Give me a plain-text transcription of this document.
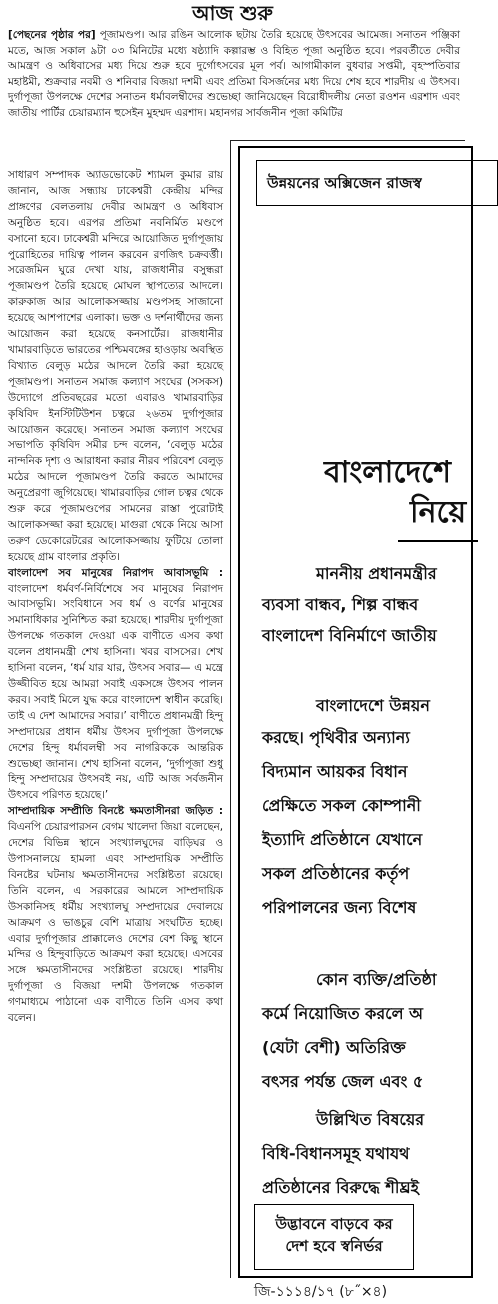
আজ শুরু
[পেছনের পৃষ্ঠার পর] পূজামণ্ডপ। আর রঙিন আলোক ছটায় তৈরি হয়েছে উৎসবের আমেজ। সনাতন পঞ্জিকা মতে, আজ সকাল ৯টা ০৩ মিনিটের মধ্যে ষষ্ঠ্যাদি কল্পারম্ভ ও বিহিত পূজা অনুষ্ঠিত হবে। পরবর্তীতে দেবীর আমন্ত্রণ ও অধিবাসের মধ্য দিয়ে শুরু হবে দুর্গোৎসবের মূল পর্ব। আগামীকাল বুধবার সপ্তমী, বৃহস্পতিবার মহাষ্টমী, শুক্রবার নবমী ও শনিবার বিজয়া দশমী এবং প্রতিমা বিসর্জনের মধ্য দিয়ে শেষ হবে শারদীয় এ উৎসব। দুর্গাপূজা উপলক্ষে দেশের সনাতন ধর্মাবলম্বীদের শুভেচ্ছা জানিয়েছেন বিরোধীদলীয় নেতা রওশন এরশাদ এবং জাতীয় পার্টির চেয়ারম্যান হুসেইন মুহম্মদ এরশাদ। মহানগর সার্বজনীন পূজা কমিটির

সাধারণ সম্পাদক অ্যাডভোকেট শ্যামল কুমার রায় জানান, আজ সন্ধ্যায় ঢাকেশ্বরী কেন্দ্রীয় মন্দির প্রাঙ্গণের বেলতলায় দেবীর আমন্ত্রণ ও অধিবাস অনুষ্ঠিত হবে। এরপর প্রতিমা নবনির্মিত মণ্ডপে বসানো হবে। ঢাকেশ্বরী মন্দিরে আয়োজিত দুর্গাপূজায় পুরোহিতের দায়িত্ব পালন করবেন রণজিৎ চক্রবর্ত্তী। সরেজমিন ঘুরে দেখা যায়, রাজধানীর বসুন্ধরা পূজামণ্ডপ তৈরি হয়েছে মোঘল স্থাপত্যের আদলে। কারুকাজ আর আলোকসজ্জায় মণ্ডপসহ সাজানো হয়েছে আশপাশের এলাকা। ভক্ত ও দর্শনার্থীদের জন্য আয়োজন করা হয়েছে কনসার্টের। রাজধানীর খামারবাড়িতে ভারতের পশ্চিমবঙ্গের হাওড়ায় অবস্থিত বিখ্যাত বেলুড় মঠের আদলে তৈরি করা হয়েছে পূজামণ্ডপ। সনাতন সমাজ কল্যাণ সংঘের (সসকস) উদ্যোগে প্রতিবছরের মতো এবারও খামারবাড়ির কৃষিবিদ ইনস্টিটিউশন চত্বরে ২৬তম দুর্গাপূজার আয়োজন করেছে। সনাতন সমাজ কল্যাণ সংঘের সভাপতি কৃষিবিদ সমীর চন্দ বলেন, ‘বেলুড় মঠের নান্দনিক দৃশ্য ও আরাধনা করার নীরব পরিবেশ বেলুড় মঠের আদলে পূজামণ্ডপ তৈরি করতে আমাদের অনুপ্রেরণা জুগিয়েছে। খামারবাড়ির গোল চত্বর থেকে শুরু করে পূজামণ্ডপের সামনের রাস্তা পুরোটাই আলোকসজ্জা করা হয়েছে। মাগুরা থেকে নিয়ে আসা তরুণ ডেকোরেটরের আলোকসজ্জায় ফুটিয়ে তোলা হয়েছে গ্রাম বাংলার প্রকৃতি।

বাংলাদেশ সব মানুষের নিরাপদ আবাসভূমি : বাংলাদেশ ধর্মবর্ণ-নির্বিশেষে সব মানুষের নিরাপদ আবাসভূমি। সংবিধানে সব ধর্ম ও বর্ণের মানুষের সমানাধিকার সুনিশ্চিত করা হয়েছে। শারদীয় দুর্গাপূজা উপলক্ষে গতকাল দেওয়া এক বাণীতে এসব কথা বলেন প্রধানমন্ত্রী শেখ হাসিনা। খবর বাসসের। শেখ হাসিনা বলেন, ‘ধর্ম যার যার, উৎসব সবার— এ মন্ত্রে উজ্জীবিত হয়ে আমরা সবাই একসঙ্গে উৎসব পালন করব। সবাই মিলে যুদ্ধ করে বাংলাদেশ স্বাধীন করেছি। তাই এ দেশ আমাদের সবার।’ বাণীতে প্রধানমন্ত্রী হিন্দু সম্প্রদায়ের প্রধান ধর্মীয় উৎসব দুর্গাপূজা উপলক্ষে দেশের হিন্দু ধর্মাবলম্বী সব নাগরিককে আন্তরিক শুভেচ্ছা জানান। শেখ হাসিনা বলেন, ‘দুর্গাপূজা শুধু হিন্দু সম্প্রদায়ের উৎসবই নয়, এটি আজ সর্বজনীন উৎসবে পরিণত হয়েছে।’

সাম্প্রদায়িক সম্প্রীতি বিনষ্টে ক্ষমতাসীনরা জড়িত : বিএনপি চেয়ারপারসন বেগম খালেদা জিয়া বলেছেন, দেশের বিভিন্ন স্থানে সংখ্যালঘুদের বাড়িঘর ও উপাসনালয়ে হামলা এবং সাম্প্রদায়িক সম্প্রীতি বিনষ্টের ঘটনায় ক্ষমতাসীনদের সংশ্লিষ্টতা রয়েছে। তিনি বলেন, এ সরকারের আমলে সাম্প্রদায়িক উসকানিসহ ধর্মীয় সংখ্যালঘু সম্প্রদায়ের দেবালয়ে আক্রমণ ও ভাঙচুর বেশি মাত্রায় সংঘটিত হচ্ছে। এবার দুর্গাপূজার প্রাক্কালেও দেশের বেশ কিছু স্থানে মন্দির ও হিন্দুবাড়িতে আক্রমণ করা হয়েছে। এসবের সঙ্গে ক্ষমতাসীনদের সংশ্লিষ্টতা রয়েছে। শারদীয় দুর্গাপূজা ও বিজয়া দশমী উপলক্ষে গতকাল গণমাধ্যমে পাঠানো এক বাণীতে তিনি এসব কথা বলেন।

উন্নয়নের অক্সিজেন রাজস্ব
বাংলাদেশে
নিয়ে
মাননীয় প্রধানমন্ত্রীর
ব্যবসা বান্ধব, শিল্প বান্ধব
বাংলাদেশ বিনির্মাণে জাতীয়
বাংলাদেশে উন্নয়ন
করছে। পৃথিবীর অন্যান্য
বিদ্যমান আয়কর বিধান
প্রেক্ষিতে সকল কোম্পানী
ইত্যাদি প্রতিষ্ঠানে যেখানে
সকল প্রতিষ্ঠানের কর্তৃপ
পরিপালনের জন্য বিশেষ
কোন ব্যক্তি/প্রতিষ্ঠা
কর্মে নিয়োজিত করলে অ
(যেটা বেশী) অতিরিক্ত
বৎসর পর্যন্ত জেল এবং ৫
উল্লিখিত বিষয়ের
বিধি-বিধানসমূহ যথাযথ
প্রতিষ্ঠানের বিরুদ্ধে শীঘ্রই
উদ্ভাবনে বাড়বে কর
দেশ হবে স্বনির্ভর
জি-১১১৪/১৭ (৮˝×৪)
